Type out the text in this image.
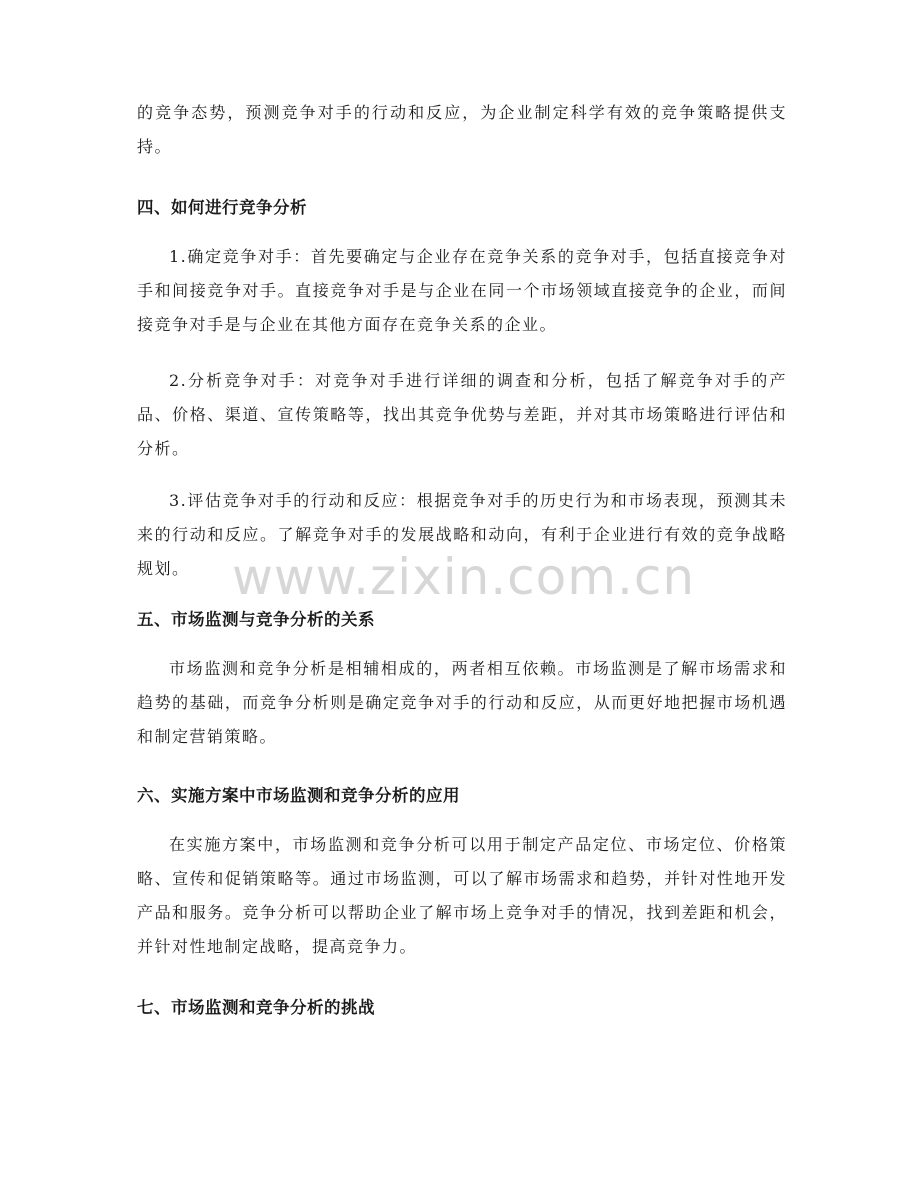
www.zixin.com.cn

的竞争态势，预测竞争对手的行动和反应，为企业制定科学有效的竞争策略提供支持。

四、如何进行竞争分析

1.确定竞争对手：首先要确定与企业存在竞争关系的竞争对手，包括直接竞争对手和间接竞争对手。直接竞争对手是与企业在同一个市场领域直接竞争的企业，而间接竞争对手是与企业在其他方面存在竞争关系的企业。

2.分析竞争对手：对竞争对手进行详细的调查和分析，包括了解竞争对手的产品、价格、渠道、宣传策略等，找出其竞争优势与差距，并对其市场策略进行评估和分析。

3.评估竞争对手的行动和反应：根据竞争对手的历史行为和市场表现，预测其未来的行动和反应。了解竞争对手的发展战略和动向，有利于企业进行有效的竞争战略规划。

五、市场监测与竞争分析的关系

市场监测和竞争分析是相辅相成的，两者相互依赖。市场监测是了解市场需求和趋势的基础，而竞争分析则是确定竞争对手的行动和反应，从而更好地把握市场机遇和制定营销策略。

六、实施方案中市场监测和竞争分析的应用

在实施方案中，市场监测和竞争分析可以用于制定产品定位、市场定位、价格策略、宣传和促销策略等。通过市场监测，可以了解市场需求和趋势，并针对性地开发产品和服务。竞争分析可以帮助企业了解市场上竞争对手的情况，找到差距和机会，并针对性地制定战略，提高竞争力。

七、市场监测和竞争分析的挑战
